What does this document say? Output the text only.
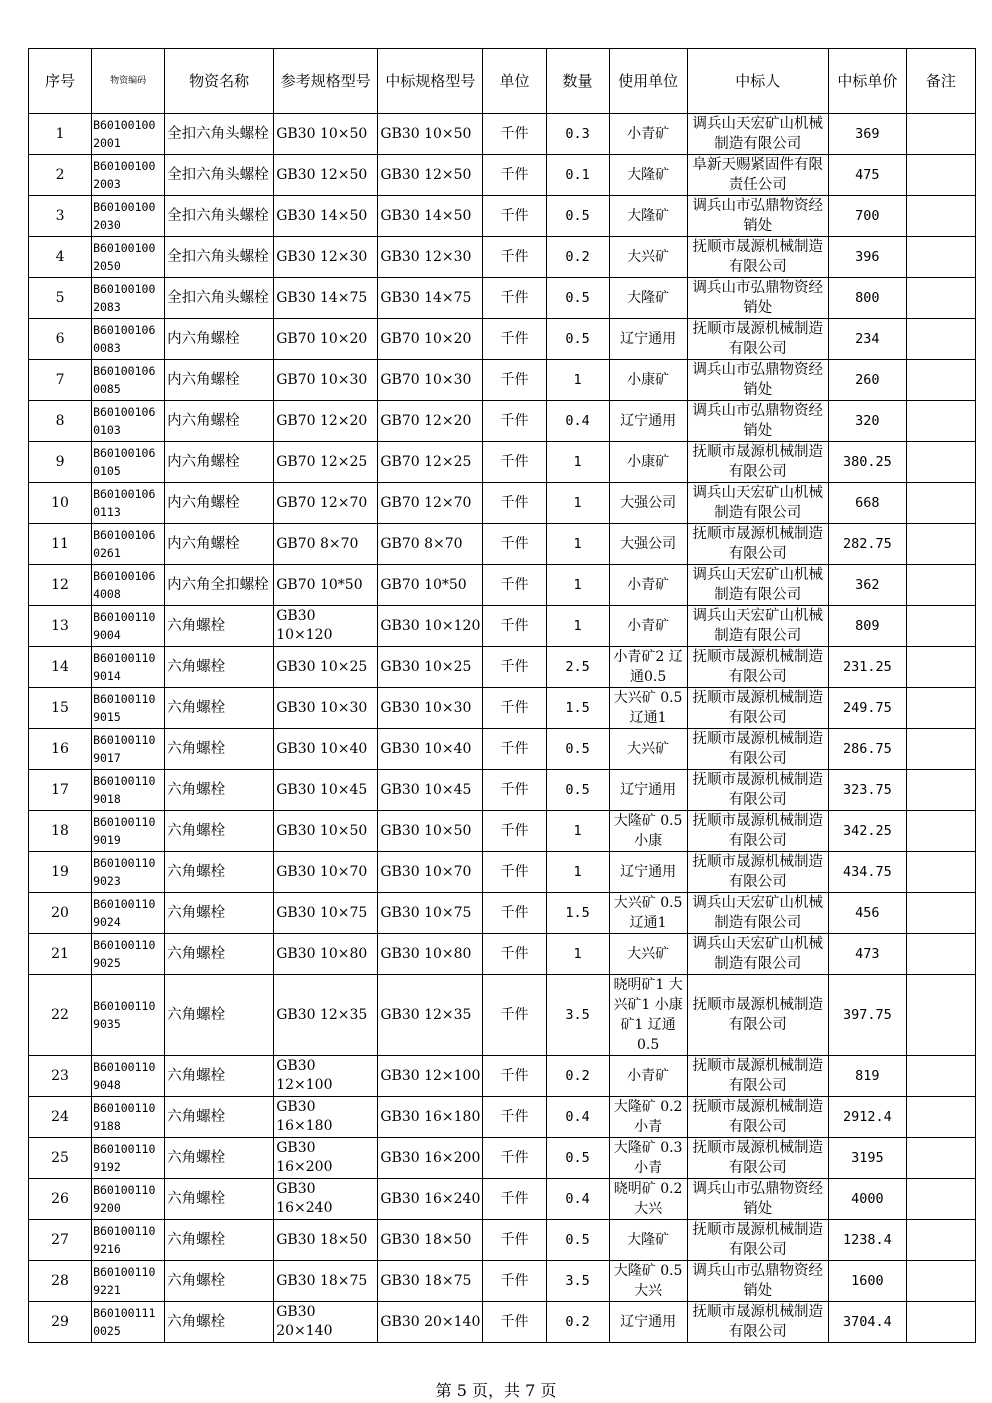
序号	物资编码	物资名称	参考规格型号	中标规格型号	单位	数量	使用单位	中标人	中标单价	备注
1	B601001002001	全扣六角头螺栓	GB30 10×50	GB30 10×50	千件	0.3	小青矿	调兵山天宏矿山机械制造有限公司	369	
2	B601001002003	全扣六角头螺栓	GB30 12×50	GB30 12×50	千件	0.1	大隆矿	阜新天赐紧固件有限责任公司	475	
3	B601001002030	全扣六角头螺栓	GB30 14×50	GB30 14×50	千件	0.5	大隆矿	调兵山市弘鼎物资经销处	700	
4	B601001002050	全扣六角头螺栓	GB30 12×30	GB30 12×30	千件	0.2	大兴矿	抚顺市晟源机械制造有限公司	396	
5	B601001002083	全扣六角头螺栓	GB30 14×75	GB30 14×75	千件	0.5	大隆矿	调兵山市弘鼎物资经销处	800	
6	B601001060083	内六角螺栓	GB70 10×20	GB70 10×20	千件	0.5	辽宁通用	抚顺市晟源机械制造有限公司	234	
7	B601001060085	内六角螺栓	GB70 10×30	GB70 10×30	千件	1	小康矿	调兵山市弘鼎物资经销处	260	
8	B601001060103	内六角螺栓	GB70 12×20	GB70 12×20	千件	0.4	辽宁通用	调兵山市弘鼎物资经销处	320	
9	B601001060105	内六角螺栓	GB70 12×25	GB70 12×25	千件	1	小康矿	抚顺市晟源机械制造有限公司	380.25	
10	B601001060113	内六角螺栓	GB70 12×70	GB70 12×70	千件	1	大强公司	调兵山天宏矿山机械制造有限公司	668	
11	B601001060261	内六角螺栓	GB70 8×70	GB70 8×70	千件	1	大强公司	抚顺市晟源机械制造有限公司	282.75	
12	B601001064008	内六角全扣螺栓	GB70 10*50	GB70 10*50	千件	1	小青矿	调兵山天宏矿山机械制造有限公司	362	
13	B601001109004	六角螺栓	GB30 10×120	GB30 10×120	千件	1	小青矿	调兵山天宏矿山机械制造有限公司	809	
14	B601001109014	六角螺栓	GB30 10×25	GB30 10×25	千件	2.5	小青矿2 辽通0.5	抚顺市晟源机械制造有限公司	231.25	
15	B601001109015	六角螺栓	GB30 10×30	GB30 10×30	千件	1.5	大兴矿 0.5辽通1	抚顺市晟源机械制造有限公司	249.75	
16	B601001109017	六角螺栓	GB30 10×40	GB30 10×40	千件	0.5	大兴矿	抚顺市晟源机械制造有限公司	286.75	
17	B601001109018	六角螺栓	GB30 10×45	GB30 10×45	千件	0.5	辽宁通用	抚顺市晟源机械制造有限公司	323.75	
18	B601001109019	六角螺栓	GB30 10×50	GB30 10×50	千件	1	大隆矿 0.5小康	抚顺市晟源机械制造有限公司	342.25	
19	B601001109023	六角螺栓	GB30 10×70	GB30 10×70	千件	1	辽宁通用	抚顺市晟源机械制造有限公司	434.75	
20	B601001109024	六角螺栓	GB30 10×75	GB30 10×75	千件	1.5	大兴矿 0.5辽通1	调兵山天宏矿山机械制造有限公司	456	
21	B601001109025	六角螺栓	GB30 10×80	GB30 10×80	千件	1	大兴矿	调兵山天宏矿山机械制造有限公司	473	
22	B601001109035	六角螺栓	GB30 12×35	GB30 12×35	千件	3.5	晓明矿1 大兴矿1 小康矿1 辽通0.5	抚顺市晟源机械制造有限公司	397.75	
23	B601001109048	六角螺栓	GB30 12×100	GB30 12×100	千件	0.2	小青矿	抚顺市晟源机械制造有限公司	819	
24	B601001109188	六角螺栓	GB30 16×180	GB30 16×180	千件	0.4	大隆矿 0.2小青	抚顺市晟源机械制造有限公司	2912.4	
25	B601001109192	六角螺栓	GB30 16×200	GB30 16×200	千件	0.5	大隆矿 0.3小青	抚顺市晟源机械制造有限公司	3195	
26	B601001109200	六角螺栓	GB30 16×240	GB30 16×240	千件	0.4	晓明矿 0.2大兴	调兵山市弘鼎物资经销处	4000	
27	B601001109216	六角螺栓	GB30 18×50	GB30 18×50	千件	0.5	大隆矿	抚顺市晟源机械制造有限公司	1238.4	
28	B601001109221	六角螺栓	GB30 18×75	GB30 18×75	千件	3.5	大隆矿 0.5大兴	调兵山市弘鼎物资经销处	1600	
29	B601001110025	六角螺栓	GB30 20×140	GB30 20×140	千件	0.2	辽宁通用	抚顺市晟源机械制造有限公司	3704.4	
第 5 页，共 7 页
